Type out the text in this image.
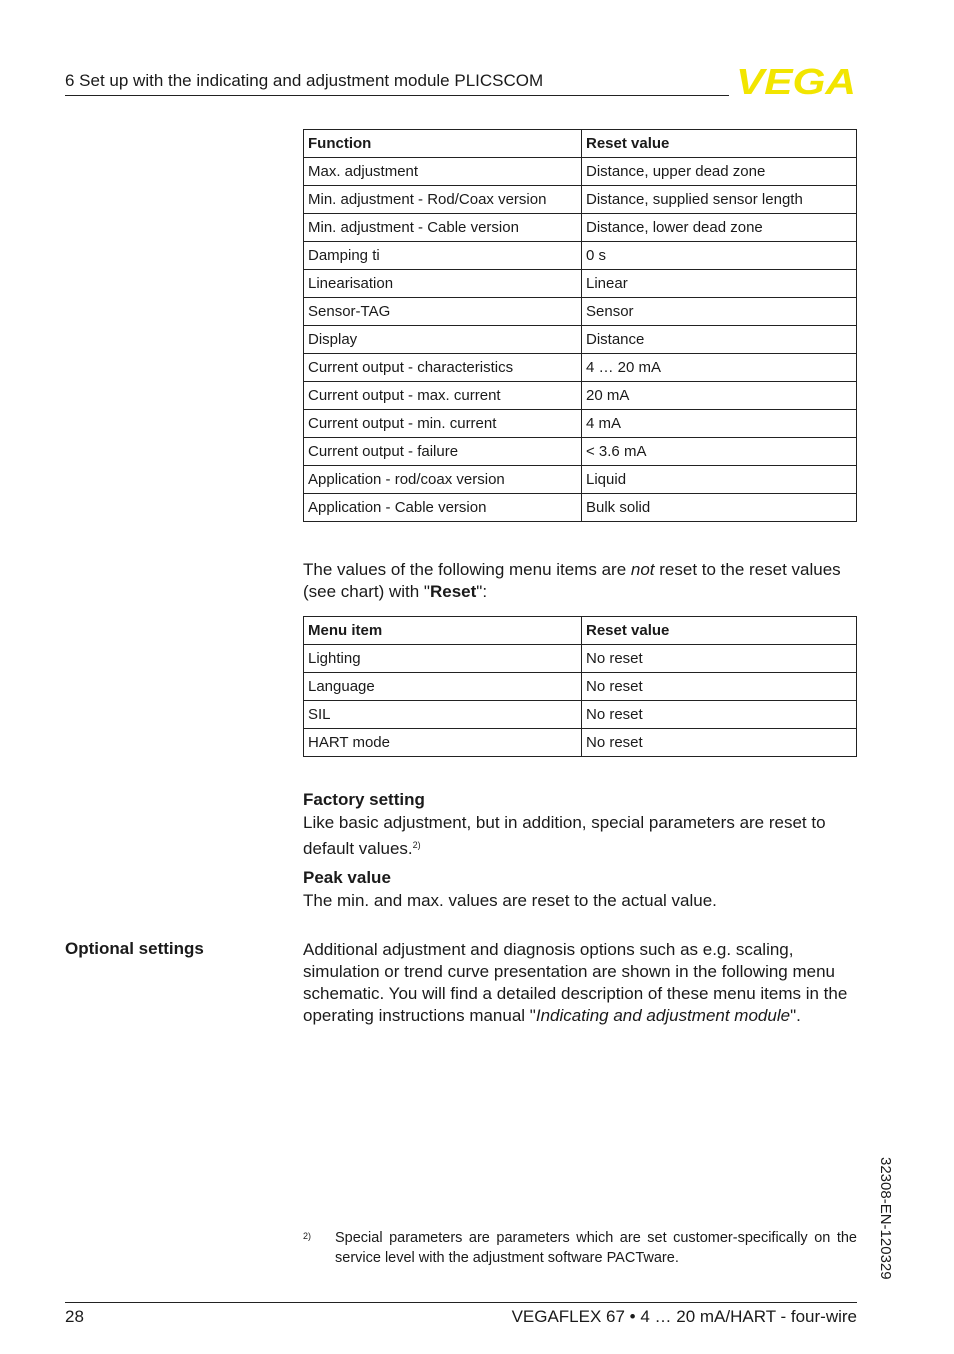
6 Set up with the indicating and adjustment module PLICSCOM	VEGA
Function	Reset value
Max. adjustment	Distance, upper dead zone
Min. adjustment - Rod/Coax version	Distance, supplied sensor length
Min. adjustment - Cable version	Distance, lower dead zone
Damping ti	0 s
Linearisation	Linear
Sensor-TAG	Sensor
Display	Distance
Current output - characteristics	4 … 20 mA
Current output - max. current	20 mA
Current output - min. current	4 mA
Current output - failure	< 3.6 mA
Application - rod/coax version	Liquid
Application - Cable version	Bulk solid
The values of the following menu items are not reset to the reset values (see chart) with "Reset":
Menu item	Reset value
Lighting	No reset
Language	No reset
SIL	No reset
HART mode	No reset
Factory setting
Like basic adjustment, but in addition, special parameters are reset to default values.$^{2)}$
Peak value
The min. and max. values are reset to the actual value.
Optional settings	Additional adjustment and diagnosis options such as e.g. scaling, simulation or trend curve presentation are shown in the following menu schematic. You will find a detailed description of these menu items in the operating instructions manual "Indicating and adjustment module".
2) Special parameters are parameters which are set customer-specifically on the service level with the adjustment software PACTware.	32308-EN-120329
28	VEGAFLEX 67 • 4 … 20 mA/HART - four-wire
